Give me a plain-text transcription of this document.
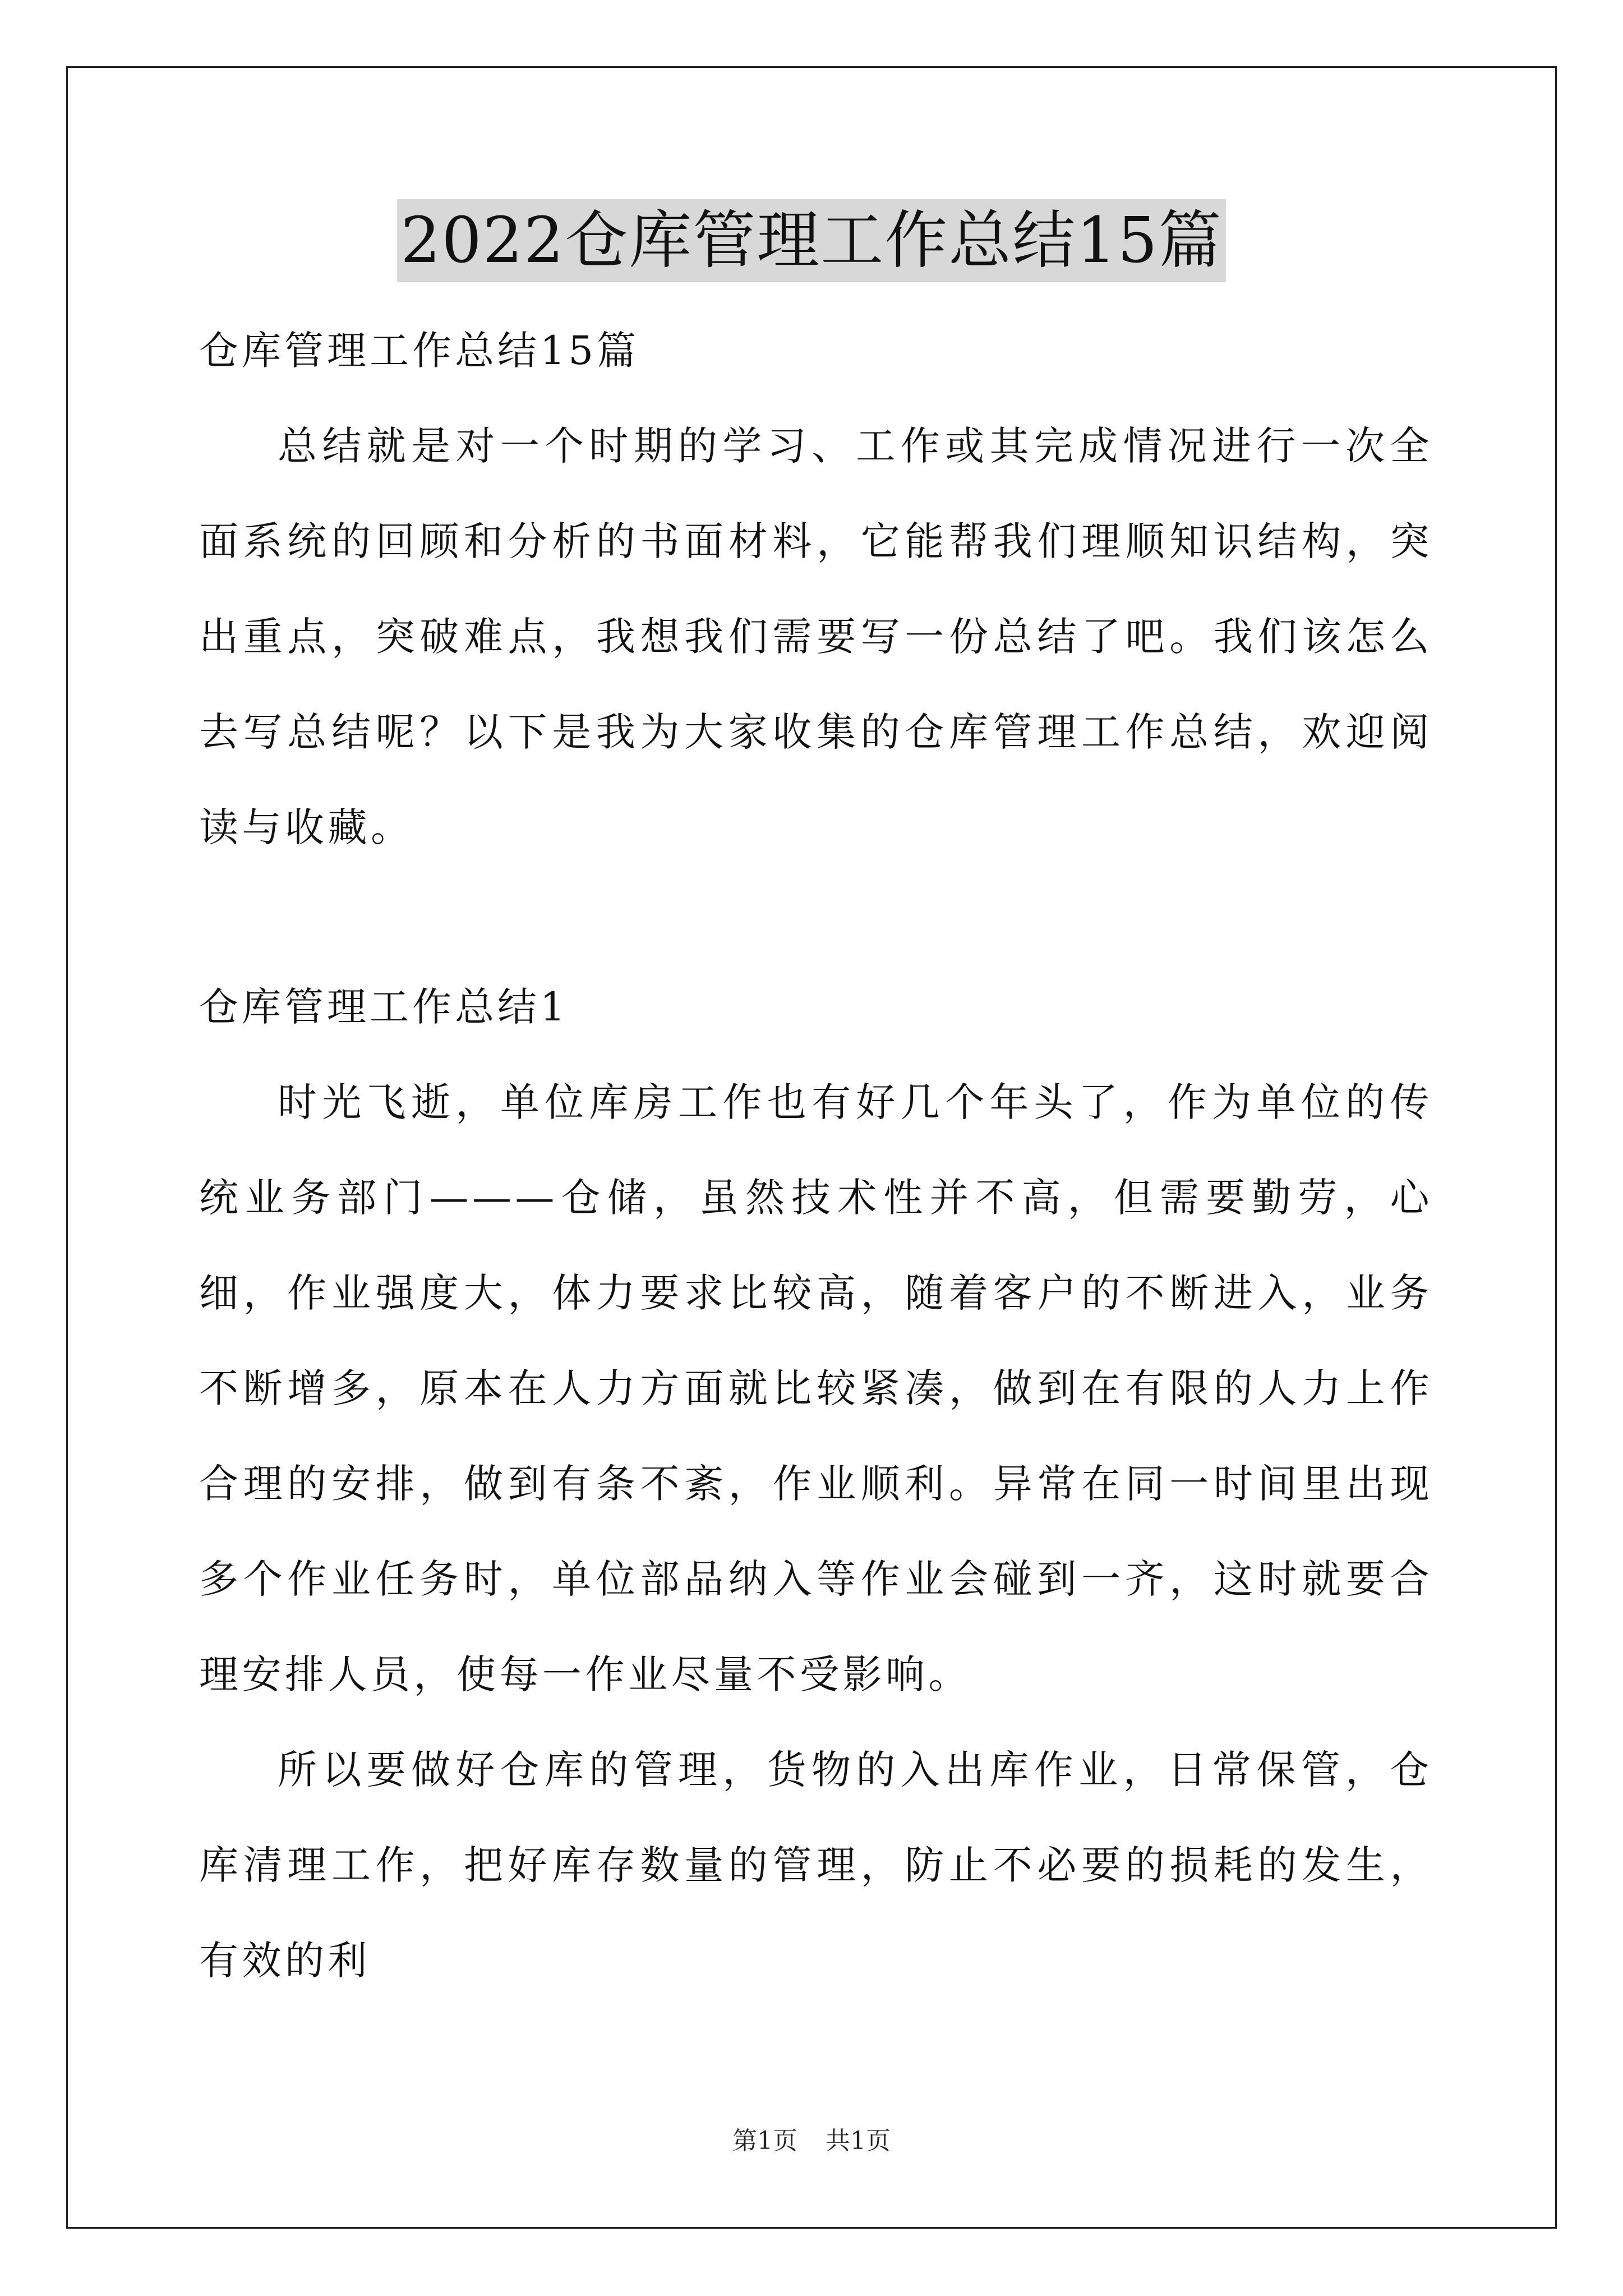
2022仓库管理工作总结15篇

仓库管理工作总结15篇

总结就是对一个时期的学习、工作或其完成情况进行一次全面系统的回顾和分析的书面材料，它能帮我们理顺知识结构，突出重点，突破难点，我想我们需要写一份总结了吧。我们该怎么去写总结呢？以下是我为大家收集的仓库管理工作总结，欢迎阅读与收藏。

仓库管理工作总结1

时光飞逝，单位库房工作也有好几个年头了，作为单位的传统业务部门———仓储，虽然技术性并不高，但需要勤劳，心细，作业强度大，体力要求比较高，随着客户的不断进入，业务不断增多，原本在人力方面就比较紧凑，做到在有限的人力上作合理的安排，做到有条不紊，作业顺利。异常在同一时间里出现多个作业任务时，单位部品纳入等作业会碰到一齐，这时就要合理安排人员，使每一作业尽量不受影响。

所以要做好仓库的管理，货物的入出库作业，日常保管，仓库清理工作，把好库存数量的管理，防止不必要的损耗的发生，有效的利

第1页 共1页
